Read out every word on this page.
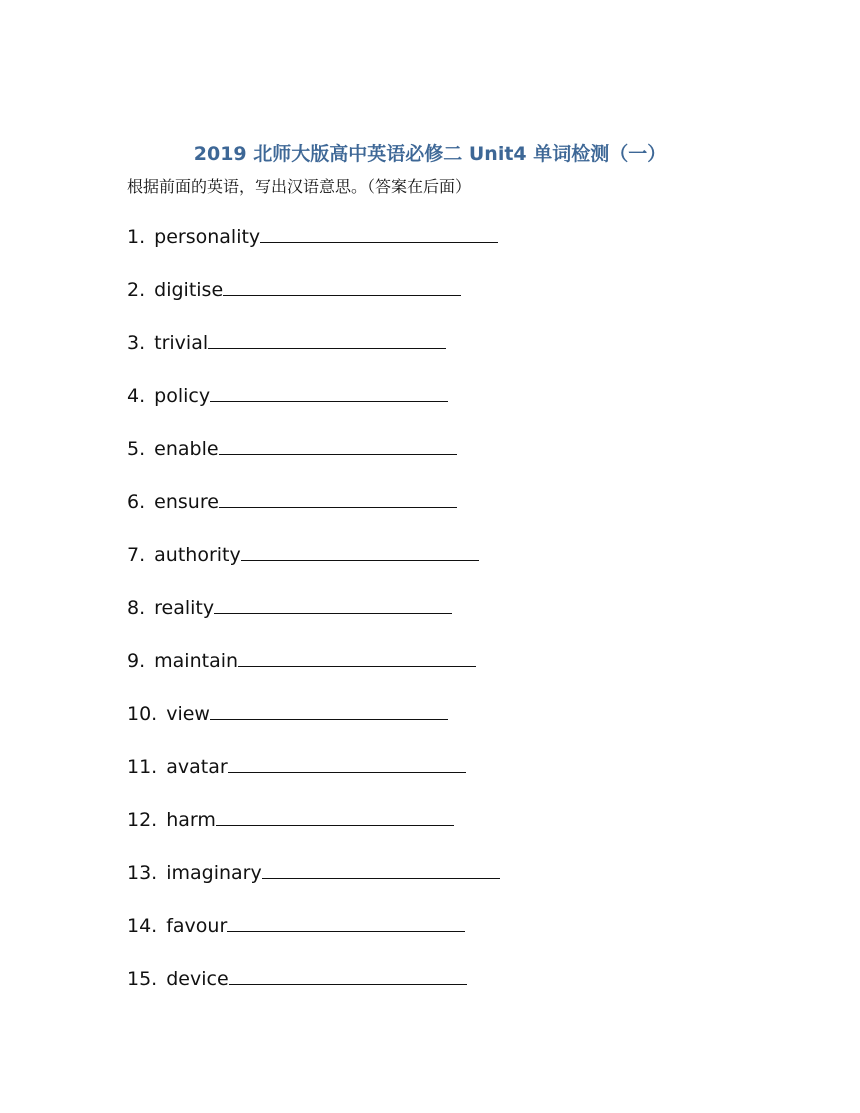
2019 北师大版高中英语必修二 Unit4 单词检测（一）
根据前面的英语，写出汉语意思。（答案在后面）
1. personality
2. digitise
3. trivial
4. policy
5. enable
6. ensure
7. authority
8. reality
9. maintain
10. view
11. avatar
12. harm
13. imaginary
14. favour
15. device
